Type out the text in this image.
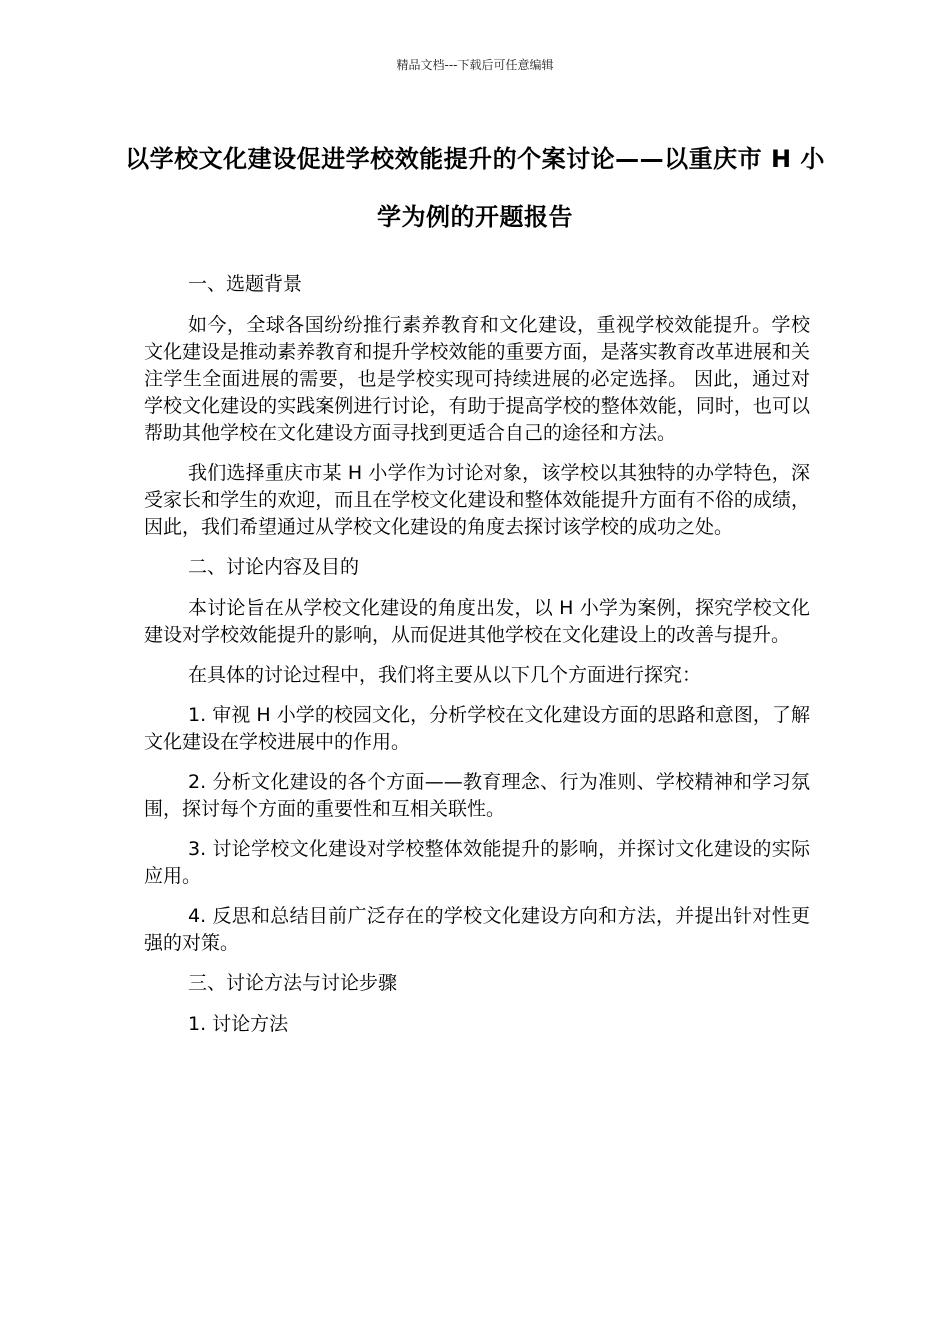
精品文档---下载后可任意编辑
以学校文化建设促进学校效能提升的个案讨论——以重庆市 H 小学为例的开题报告

一、选题背景

如今，全球各国纷纷推行素养教育和文化建设，重视学校效能提升。学校文化建设是推动素养教育和提升学校效能的重要方面，是落实教育改革进展和关注学生全面进展的需要，也是学校实现可持续进展的必定选择。 因此，通过对学校文化建设的实践案例进行讨论，有助于提高学校的整体效能，同时，也可以帮助其他学校在文化建设方面寻找到更适合自己的途径和方法。

我们选择重庆市某 H 小学作为讨论对象，该学校以其独特的办学特色，深受家长和学生的欢迎，而且在学校文化建设和整体效能提升方面有不俗的成绩，因此，我们希望通过从学校文化建设的角度去探讨该学校的成功之处。

二、讨论内容及目的

本讨论旨在从学校文化建设的角度出发，以 H 小学为案例，探究学校文化建设对学校效能提升的影响，从而促进其他学校在文化建设上的改善与提升。

在具体的讨论过程中，我们将主要从以下几个方面进行探究：

1. 审视 H 小学的校园文化，分析学校在文化建设方面的思路和意图，了解文化建设在学校进展中的作用。

2. 分析文化建设的各个方面——教育理念、行为准则、学校精神和学习氛围，探讨每个方面的重要性和互相关联性。

3. 讨论学校文化建设对学校整体效能提升的影响，并探讨文化建设的实际应用。

4. 反思和总结目前广泛存在的学校文化建设方向和方法，并提出针对性更强的对策。

三、讨论方法与讨论步骤

1. 讨论方法
